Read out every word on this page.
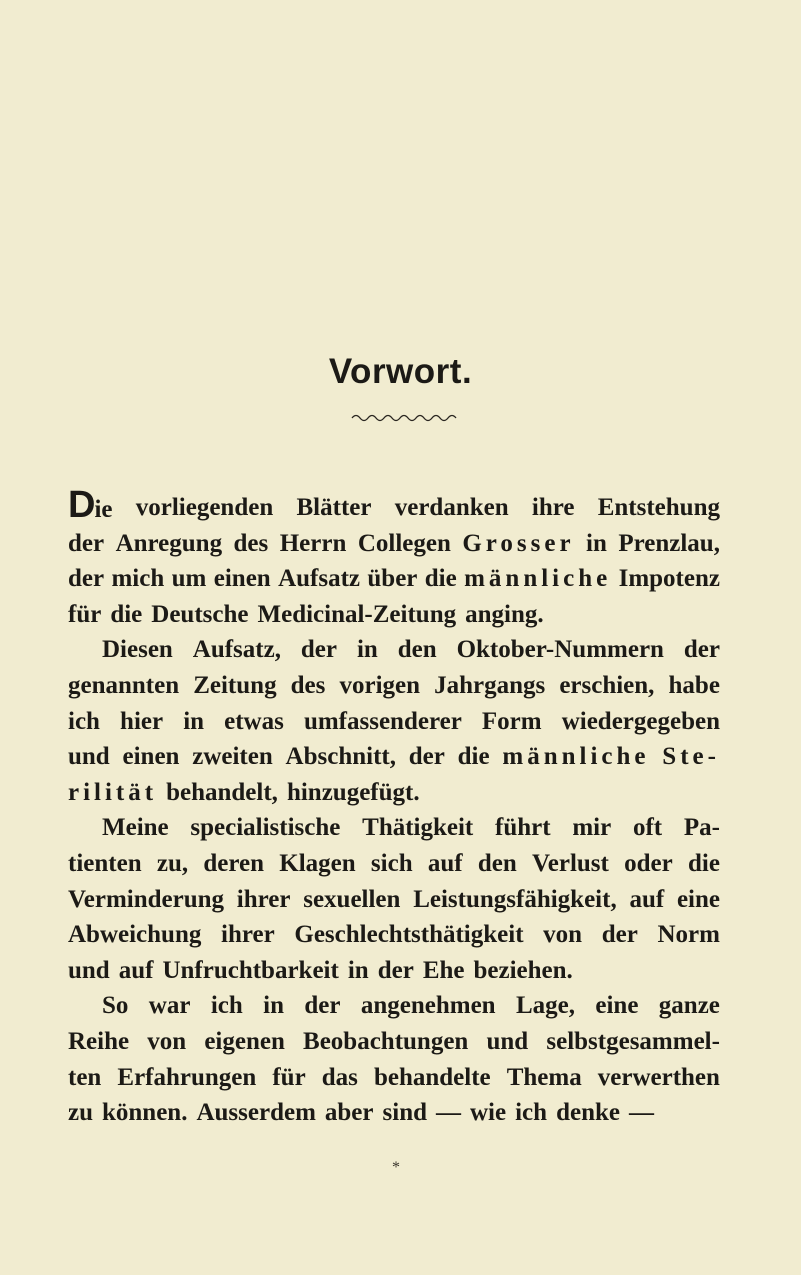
Vorwort.
Die vorliegenden Blätter verdanken ihre Entstehung
der Anregung des Herrn Collegen Grosser in Prenzlau,
der mich um einen Aufsatz über die männliche Impotenz
für die Deutsche Medicinal-Zeitung anging.
Diesen Aufsatz, der in den Oktober-Nummern der
genannten Zeitung des vorigen Jahrgangs erschien, habe
ich hier in etwas umfassenderer Form wiedergegeben
und einen zweiten Abschnitt, der die männliche Ste-
rilität behandelt, hinzugefügt.
Meine specialistische Thätigkeit führt mir oft Pa-
tienten zu, deren Klagen sich auf den Verlust oder die
Verminderung ihrer sexuellen Leistungsfähigkeit, auf eine
Abweichung ihrer Geschlechtsthätigkeit von der Norm
und auf Unfruchtbarkeit in der Ehe beziehen.
So war ich in der angenehmen Lage, eine ganze
Reihe von eigenen Beobachtungen und selbstgesammel-
ten Erfahrungen für das behandelte Thema verwerthen
zu können. Ausserdem aber sind — wie ich denke —
*
